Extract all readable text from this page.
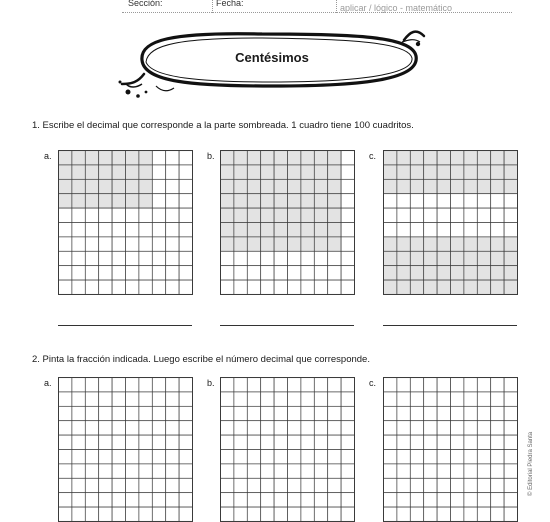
Sección:	Fecha:	aplicar / lógico - matemático
Centésimos
1. Escribe el decimal que corresponde a la parte sombreada. 1 cuadro tiene 100 cuadritos.
a.	b.	c.
2. Pinta la fracción indicada. Luego escribe el número decimal que corresponde.
a.	b.	c.
© Editorial Piedra Santa
